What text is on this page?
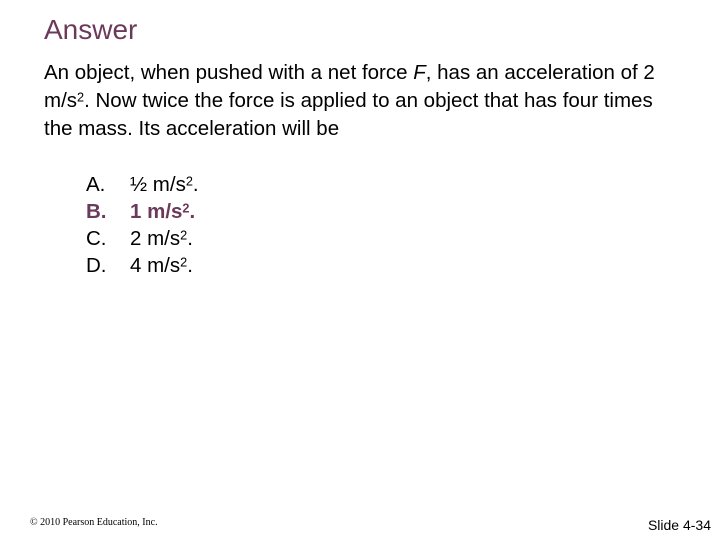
Answer
An object, when pushed with a net force F, has an acceleration of 2 $m/s^2$. Now twice the force is applied to an object that has four times the mass. Its acceleration will be
A.	½ $m/s^2$.
B.	1 $m/s^2$.
C.	2 $m/s^2$.
D.	4 $m/s^2$.
© 2010 Pearson Education, Inc.	Slide 4-34
